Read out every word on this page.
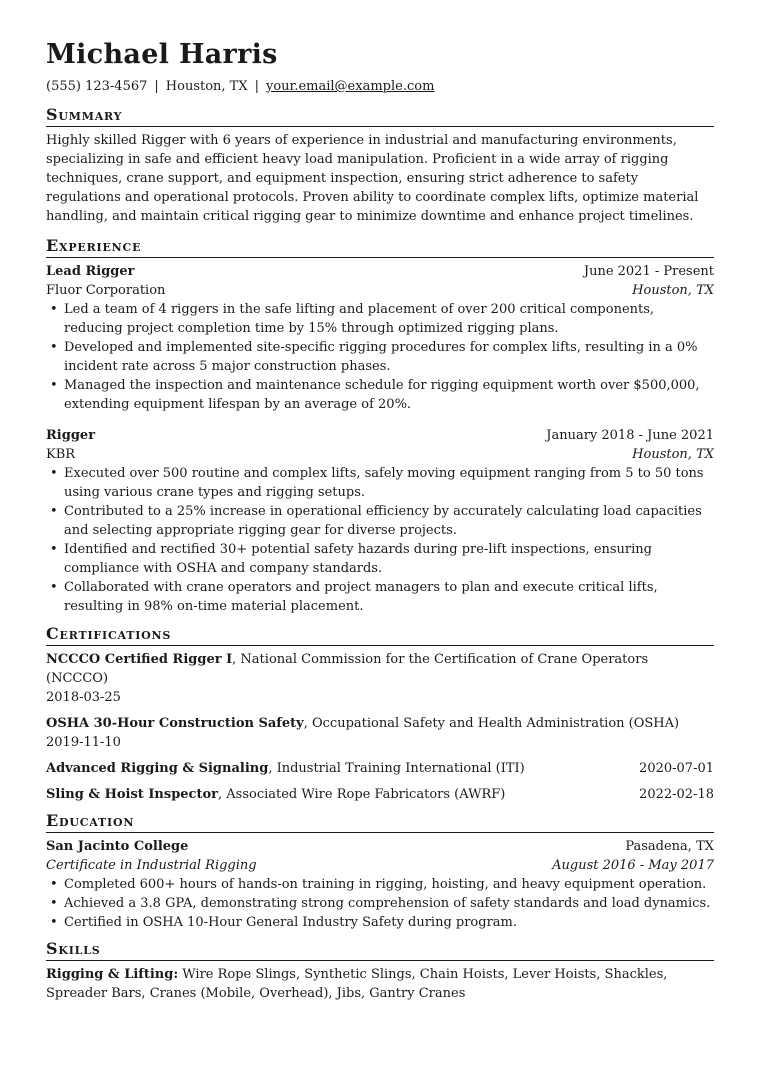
Michael Harris
(555) 123-4567 | Houston, TX | your.email@example.com
Summary

Highly skilled Rigger with 6 years of experience in industrial and manufacturing environments, specializing in safe and efficient heavy load manipulation. Proficient in a wide array of rigging techniques, crane support, and equipment inspection, ensuring strict adherence to safety regulations and operational protocols. Proven ability to coordinate complex lifts, optimize material handling, and maintain critical rigging gear to minimize downtime and enhance project timelines.

Experience
Lead Rigger	June 2021 - Present
Fluor Corporation	Houston, TX
• Led a team of 4 riggers in the safe lifting and placement of over 200 critical components, reducing project completion time by 15% through optimized rigging plans.
• Developed and implemented site-specific rigging procedures for complex lifts, resulting in a 0% incident rate across 5 major construction phases.
• Managed the inspection and maintenance schedule for rigging equipment worth over $500,000, extending equipment lifespan by an average of 20%.
Rigger	January 2018 - June 2021
KBR	Houston, TX
• Executed over 500 routine and complex lifts, safely moving equipment ranging from 5 to 50 tons using various crane types and rigging setups.
• Contributed to a 25% increase in operational efficiency by accurately calculating load capacities and selecting appropriate rigging gear for diverse projects.
• Identified and rectified 30+ potential safety hazards during pre-lift inspections, ensuring compliance with OSHA and company standards.
• Collaborated with crane operators and project managers to plan and execute critical lifts, resulting in 98% on-time material placement.
Certifications
NCCCO Certified Rigger I, National Commission for the Certification of Crane Operators (NCCCO)
2018-03-25
OSHA 30-Hour Construction Safety, Occupational Safety and Health Administration (OSHA)
2019-11-10
Advanced Rigging & Signaling, Industrial Training International (ITI)	2020-07-01
Sling & Hoist Inspector, Associated Wire Rope Fabricators (AWRF)	2022-02-18
Education
San Jacinto College	Pasadena, TX
Certificate in Industrial Rigging	August 2016 - May 2017
• Completed 600+ hours of hands-on training in rigging, hoisting, and heavy equipment operation.
• Achieved a 3.8 GPA, demonstrating strong comprehension of safety standards and load dynamics.
• Certified in OSHA 10-Hour General Industry Safety during program.
Skills

Rigging & Lifting: Wire Rope Slings, Synthetic Slings, Chain Hoists, Lever Hoists, Shackles, Spreader Bars, Cranes (Mobile, Overhead), Jibs, Gantry Cranes
